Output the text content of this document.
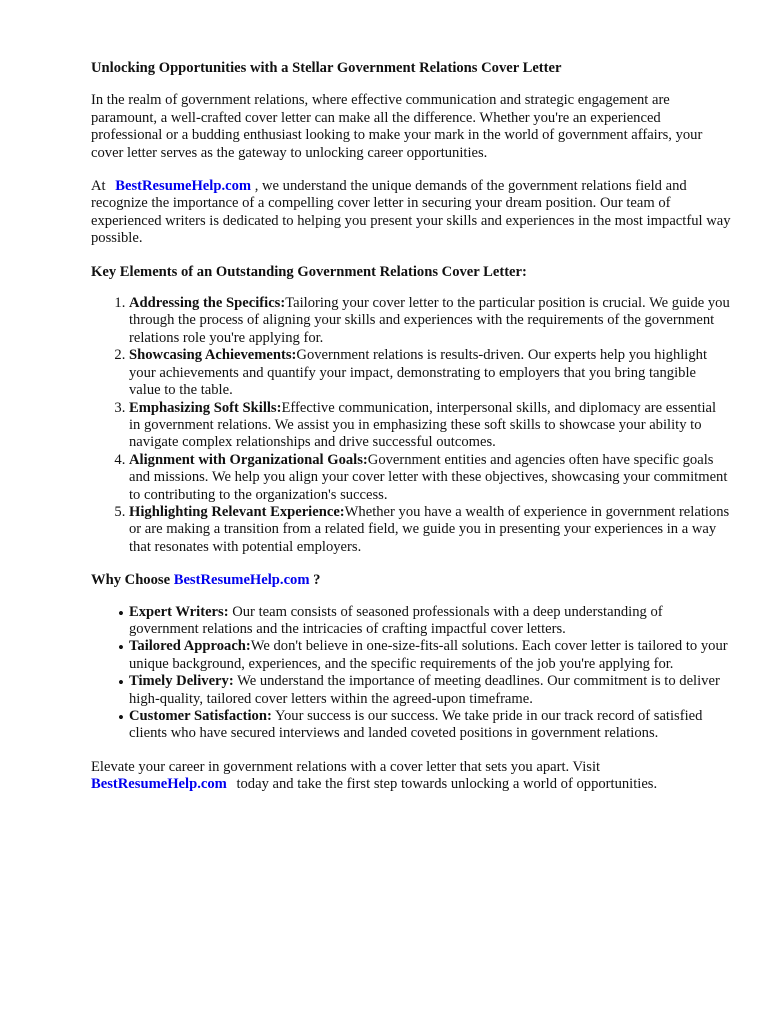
Unlocking Opportunities with a Stellar Government Relations Cover Letter

In the realm of government relations, where effective communication and strategic engagement are paramount, a well-crafted cover letter can make all the difference. Whether you're an experienced professional or a budding enthusiast looking to make your mark in the world of government affairs, your cover letter serves as the gateway to unlocking career opportunities.

At BestResumeHelp.com , we understand the unique demands of the government relations field and recognize the importance of a compelling cover letter in securing your dream position. Our team of experienced writers is dedicated to helping you present your skills and experiences in the most impactful way possible.

Key Elements of an Outstanding Government Relations Cover Letter:
1. Addressing the Specifics:Tailoring your cover letter to the particular position is crucial. We guide you through the process of aligning your skills and experiences with the requirements of the government relations role you're applying for.
2. Showcasing Achievements:Government relations is results-driven. Our experts help you highlight your achievements and quantify your impact, demonstrating to employers that you bring tangible value to the table.
3. Emphasizing Soft Skills:Effective communication, interpersonal skills, and diplomacy are essential in government relations. We assist you in emphasizing these soft skills to showcase your ability to navigate complex relationships and drive successful outcomes.
4. Alignment with Organizational Goals:Government entities and agencies often have specific goals and missions. We help you align your cover letter with these objectives, showcasing your commitment to contributing to the organization's success.
5. Highlighting Relevant Experience:Whether you have a wealth of experience in government relations or are making a transition from a related field, we guide you in presenting your experiences in a way that resonates with potential employers.
Why Choose BestResumeHelp.com ?
• Expert Writers: Our team consists of seasoned professionals with a deep understanding of government relations and the intricacies of crafting impactful cover letters.
• Tailored Approach:We don't believe in one-size-fits-all solutions. Each cover letter is tailored to your unique background, experiences, and the specific requirements of the job you're applying for.
• Timely Delivery: We understand the importance of meeting deadlines. Our commitment is to deliver high-quality, tailored cover letters within the agreed-upon timeframe.
• Customer Satisfaction: Your success is our success. We take pride in our track record of satisfied clients who have secured interviews and landed coveted positions in government relations.

Elevate your career in government relations with a cover letter that sets you apart. Visit BestResumeHelp.com today and take the first step towards unlocking a world of opportunities.
